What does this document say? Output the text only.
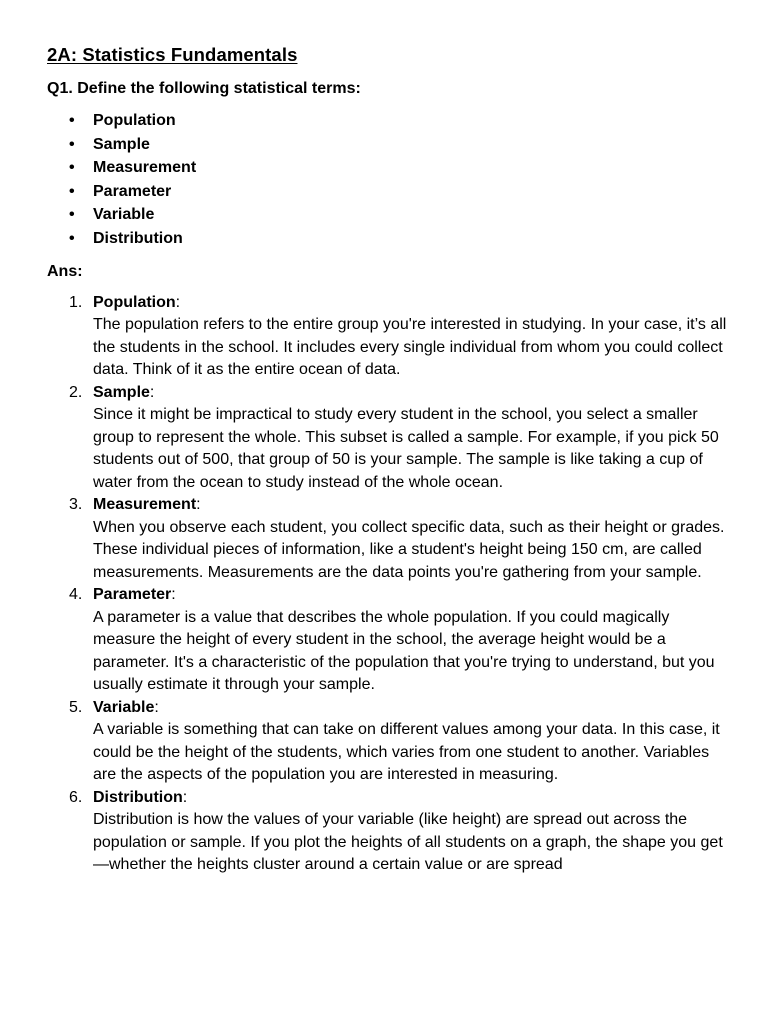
2A: Statistics Fundamentals

Q1. Define the following statistical terms:

• Population
• Sample
• Measurement
• Parameter
• Variable
• Distribution

Ans:

1. Population:
The population refers to the entire group you're interested in studying. In your case, it’s all the students in the school. It includes every single individual from whom you could collect data. Think of it as the entire ocean of data.
2. Sample:
Since it might be impractical to study every student in the school, you select a smaller group to represent the whole. This subset is called a sample. For example, if you pick 50 students out of 500, that group of 50 is your sample. The sample is like taking a cup of water from the ocean to study instead of the whole ocean.
3. Measurement:
When you observe each student, you collect specific data, such as their height or grades. These individual pieces of information, like a student's height being 150 cm, are called measurements. Measurements are the data points you're gathering from your sample.
4. Parameter:
A parameter is a value that describes the whole population. If you could magically measure the height of every student in the school, the average height would be a parameter. It's a characteristic of the population that you're trying to understand, but you usually estimate it through your sample.
5. Variable:
A variable is something that can take on different values among your data. In this case, it could be the height of the students, which varies from one student to another. Variables are the aspects of the population you are interested in measuring.
6. Distribution:
Distribution is how the values of your variable (like height) are spread out across the population or sample. If you plot the heights of all students on a graph, the shape you get—whether the heights cluster around a certain value or are spread
